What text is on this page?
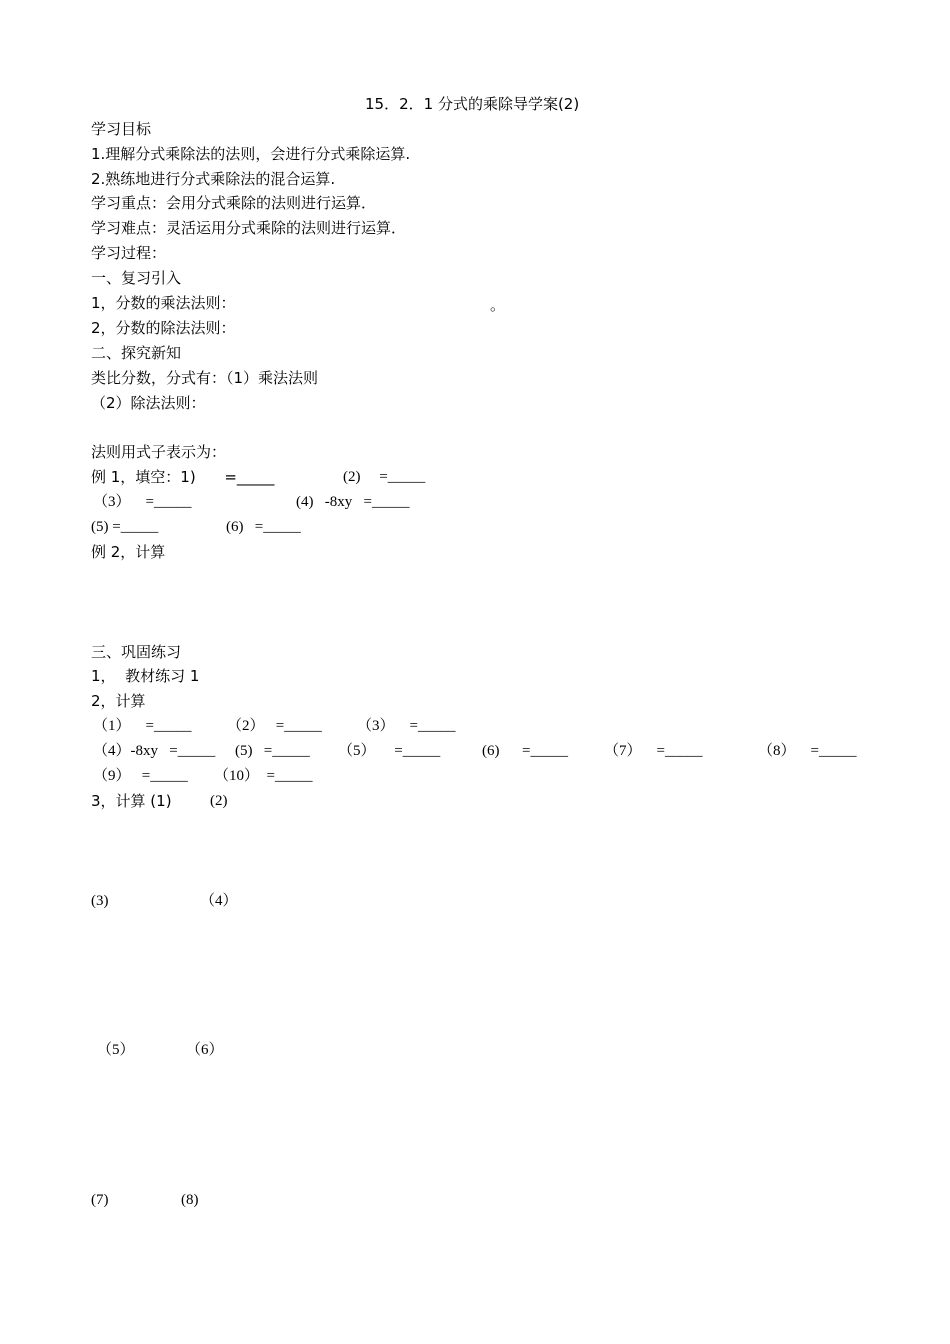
15．2．1 分式的乘除导学案(2)
学习目标
1.理解分式乘除法的法则，会进行分式乘除运算.
2.熟练地进行分式乘除法的混合运算.
学习重点：会用分式乘除的法则进行运算．
学习难点：灵活运用分式乘除的法则进行运算．
学习过程：
一、复习引入
1，分数的乘法法则：	。
2，分数的除法法则：
二、探究新知
类比分数，分式有：（1）乘法法则
（2）除法法则：
法则用式子表示为：
例 1，填空：1)      =_____	(2)     =_____
（3）    =_____	(4)   -8xy   =_____
(5) =_____	(6)   =_____
例 2，计算
三、巩固练习
1，  教材练习 1
2，计算
（1）    =_____ （2）   =_____ （3）    =_____
（4）-8xy   =_____ (5)   =_____ （5）     =_____	(6)      =_____ （7）    =_____	（8）    =_____
（9）   =_____ （10）  =_____
3，计算 (1)	(2)
(3)	（4）
（5）	（6）
(7)	(8)
